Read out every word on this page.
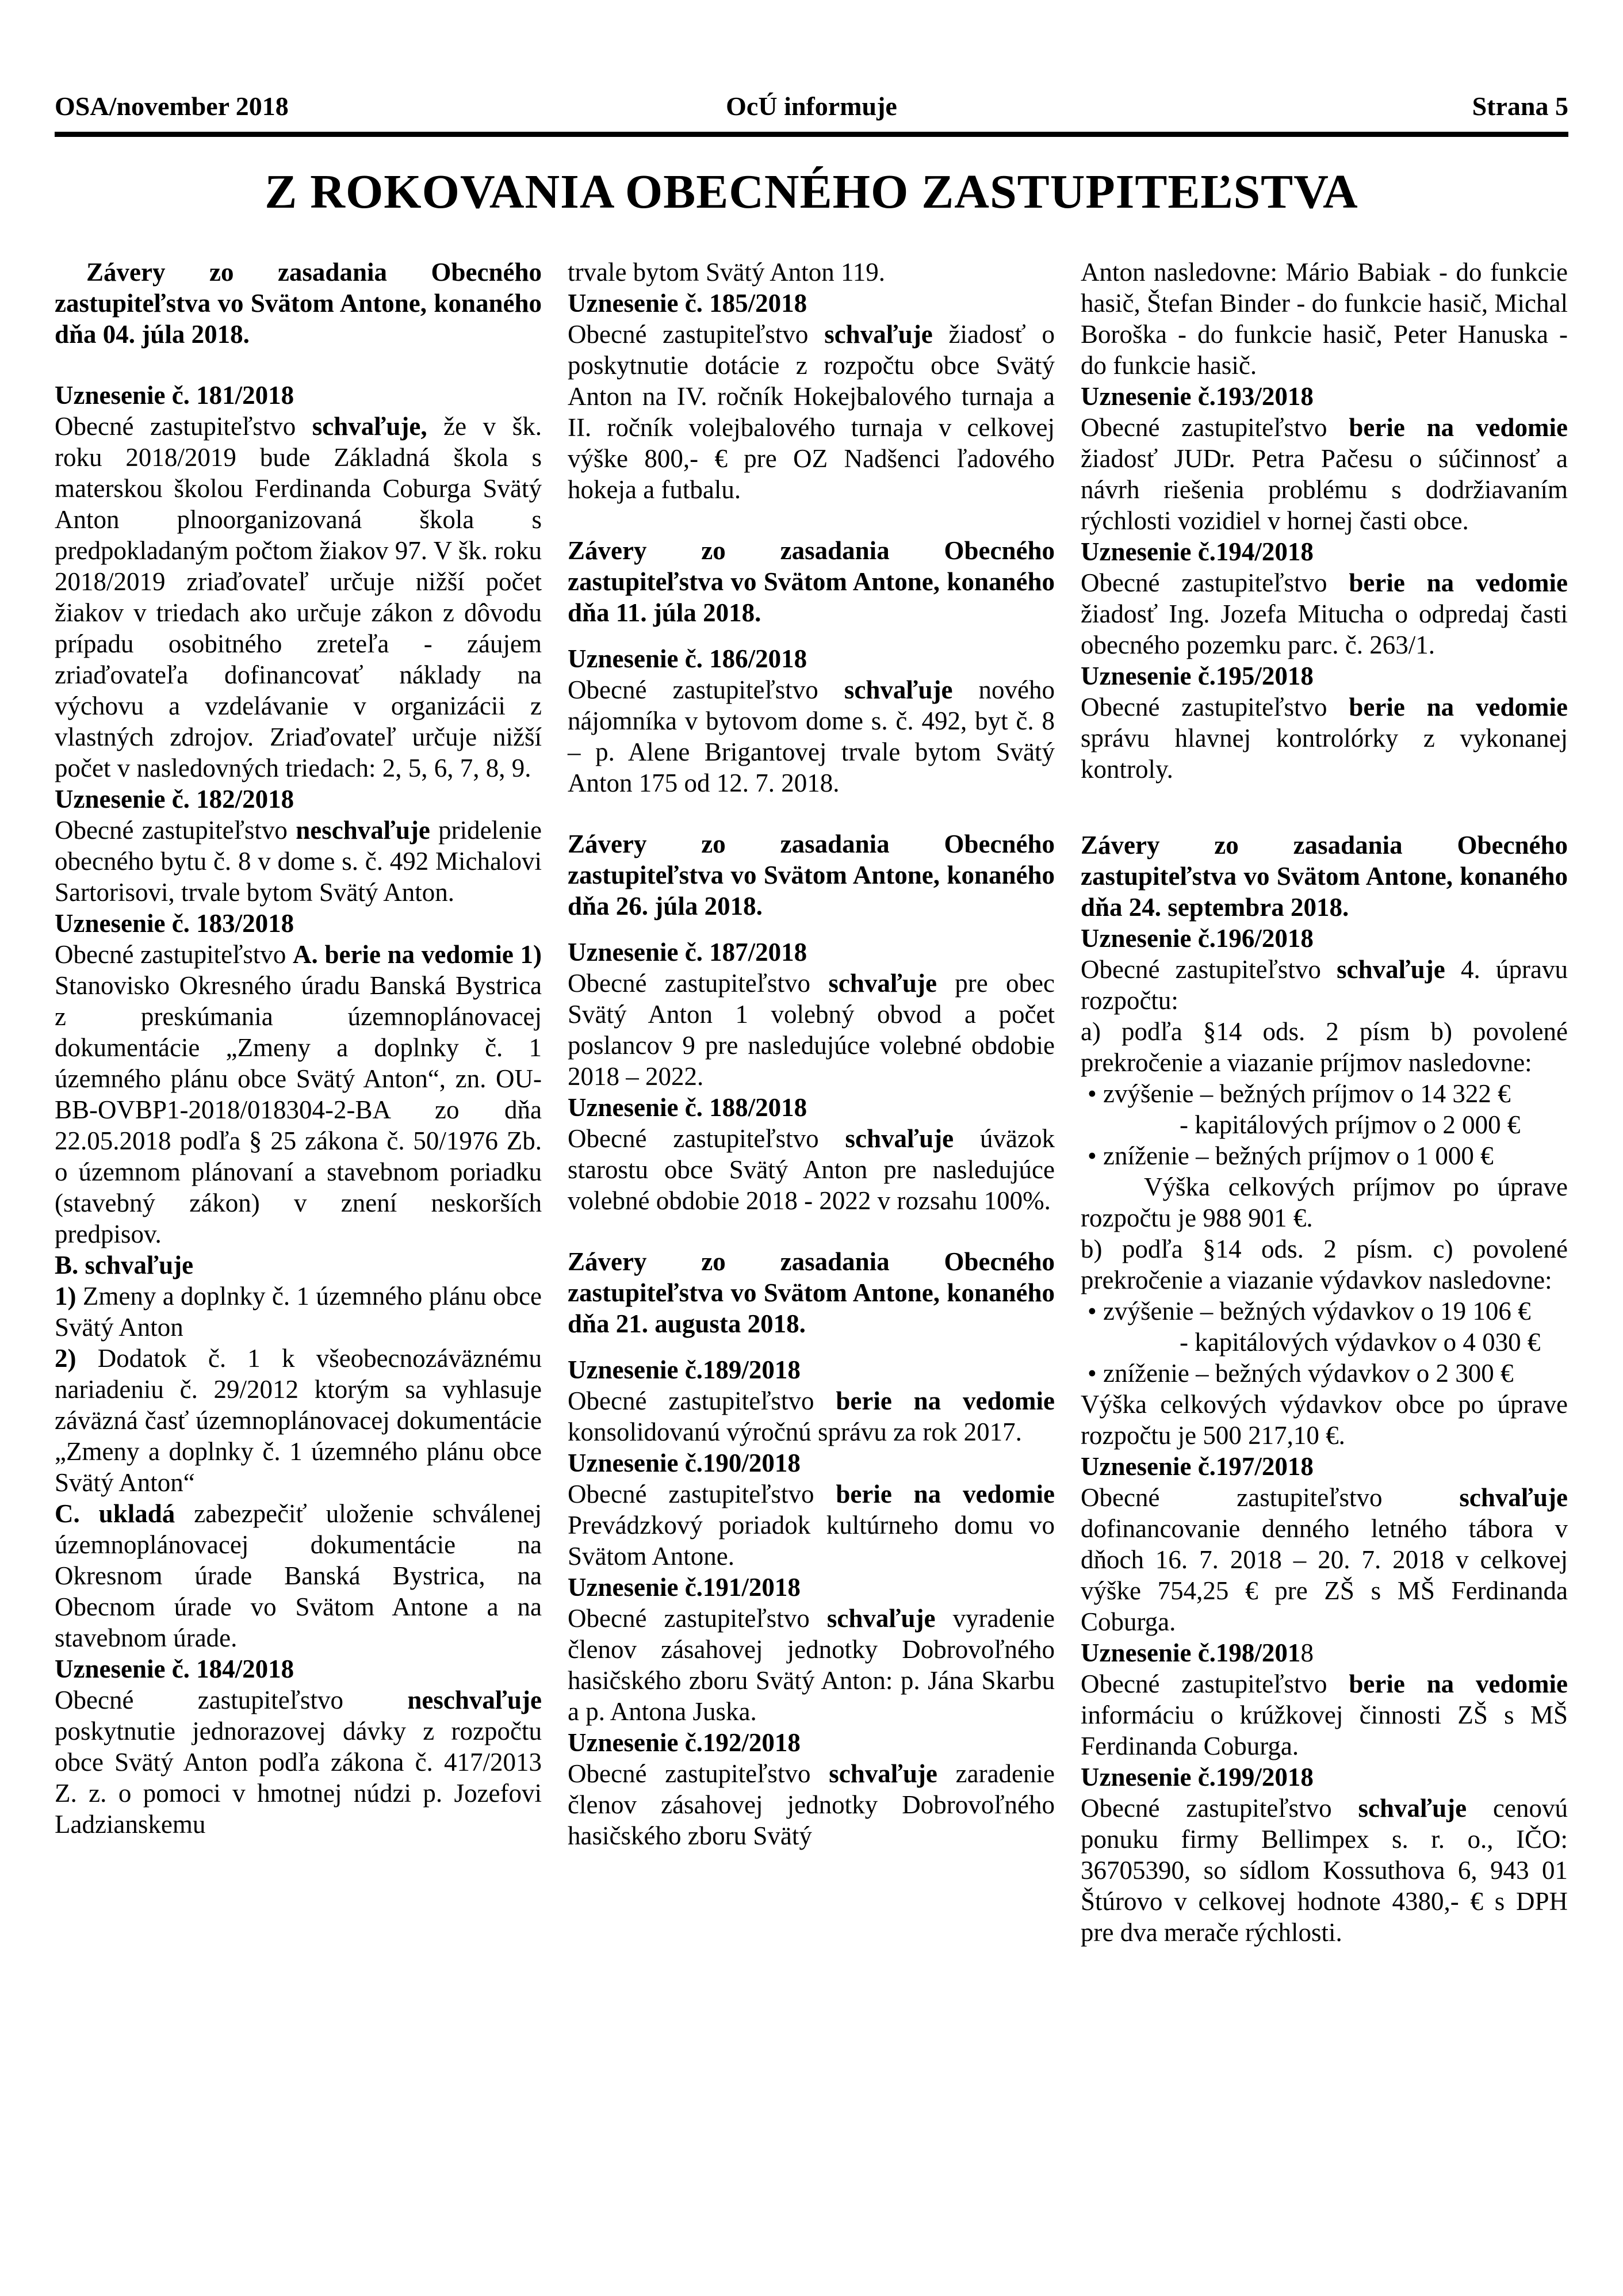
OSA/november 2018	OcÚ informuje	Strana 5
Z ROKOVANIA OBECNÉHO ZASTUPITEĽSTVA
Závery zo zasadania Obecného zastupiteľstva vo Svätom Antone, konaného dňa 04. júla 2018.
Uznesenie č. 181/2018
Obecné zastupiteľstvo schvaľuje, že v šk. roku 2018/2019 bude Základná škola s materskou školou Ferdinanda Coburga Svätý Anton plnoorganizovaná škola s predpokladaným počtom žiakov 97. V šk. roku 2018/2019 zriaďovateľ určuje nižší počet žiakov v triedach ako určuje zákon z dôvodu prípadu osobitného zreteľa - záujem zriaďovateľa dofinancovať náklady na výchovu a vzdelávanie v organizácii z vlastných zdrojov. Zriaďovateľ určuje nižší počet v nasledovných triedach: 2, 5, 6, 7, 8, 9.
Uznesenie č. 182/2018
Obecné zastupiteľstvo neschvaľuje pridelenie obecného bytu č. 8 v dome s. č. 492 Michalovi Sartorisovi, trvale bytom Svätý Anton.
Uznesenie č. 183/2018
Obecné zastupiteľstvo A. berie na vedomie 1) Stanovisko Okresného úradu Banská Bystrica z preskúmania územnoplánovacej dokumentácie „Zmeny a doplnky č. 1 územného plánu obce Svätý Anton“, zn. OU-BB-OVBP1-2018/018304-2-BA zo dňa 22.05.2018 podľa § 25 zákona č. 50/1976 Zb. o územnom plánovaní a stavebnom poriadku (stavebný zákon) v znení neskorších predpisov.
B. schvaľuje
1) Zmeny a doplnky č. 1 územného plánu obce Svätý Anton
2) Dodatok č. 1 k všeobecnozáväznému nariadeniu č. 29/2012 ktorým sa vyhlasuje záväzná časť územnoplánovacej dokumentácie „Zmeny a doplnky č. 1 územného plánu obce Svätý Anton“
C. ukladá zabezpečiť uloženie schválenej územnoplánovacej dokumentácie na Okresnom úrade Banská Bystrica, na Obecnom úrade vo Svätom Antone a na stavebnom úrade.
Uznesenie č. 184/2018
Obecné zastupiteľstvo neschvaľuje poskytnutie jednorazovej dávky z rozpočtu obce Svätý Anton podľa zákona č. 417/2013 Z. z. o pomoci v hmotnej núdzi p. Jozefovi Ladzianskemu
trvale bytom Svätý Anton 119.
Uznesenie č. 185/2018
Obecné zastupiteľstvo schvaľuje žiadosť o poskytnutie dotácie z rozpočtu obce Svätý Anton na IV. ročník Hokejbalového turnaja a II. ročník volejbalového turnaja v celkovej výške 800,- € pre OZ Nadšenci ľadového hokeja a futbalu.
Závery zo zasadania Obecného zastupiteľstva vo Svätom Antone, konaného dňa 11. júla 2018.
Uznesenie č. 186/2018
Obecné zastupiteľstvo schvaľuje nového nájomníka v bytovom dome s. č. 492, byt č. 8 – p. Alene Brigantovej trvale bytom Svätý Anton 175 od 12. 7. 2018.
Závery zo zasadania Obecného zastupiteľstva vo Svätom Antone, konaného dňa 26. júla 2018.
Uznesenie č. 187/2018
Obecné zastupiteľstvo schvaľuje pre obec Svätý Anton 1 volebný obvod a počet poslancov 9 pre nasledujúce volebné obdobie 2018 – 2022.
Uznesenie č. 188/2018
Obecné zastupiteľstvo schvaľuje úväzok starostu obce Svätý Anton pre nasledujúce volebné obdobie 2018 - 2022 v rozsahu 100%.
Závery zo zasadania Obecného zastupiteľstva vo Svätom Antone, konaného dňa 21. augusta 2018.
Uznesenie č.189/2018
Obecné zastupiteľstvo berie na vedomie konsolidovanú výročnú správu za rok 2017.
Uznesenie č.190/2018
Obecné zastupiteľstvo berie na vedomie Prevádzkový poriadok kultúrneho domu vo Svätom Antone.
Uznesenie č.191/2018
Obecné zastupiteľstvo schvaľuje vyradenie členov zásahovej jednotky Dobrovoľného hasičského zboru Svätý Anton: p. Jána Skarbu a p. Antona Juska.
Uznesenie č.192/2018
Obecné zastupiteľstvo schvaľuje zaradenie členov zásahovej jednotky Dobrovoľného hasičského zboru Svätý
Anton nasledovne: Mário Babiak - do funkcie hasič, Štefan Binder - do funkcie hasič, Michal Boroška - do funkcie hasič, Peter Hanuska - do funkcie hasič.
Uznesenie č.193/2018
Obecné zastupiteľstvo berie na vedomie žiadosť JUDr. Petra Pačesu o súčinnosť a návrh riešenia problému s dodržiavaním rýchlosti vozidiel v hornej časti obce.
Uznesenie č.194/2018
Obecné zastupiteľstvo berie na vedomie žiadosť Ing. Jozefa Mitucha o odpredaj časti obecného pozemku parc. č. 263/1.
Uznesenie č.195/2018
Obecné zastupiteľstvo berie na vedomie správu hlavnej kontrolórky z vykonanej kontroly.
Závery zo zasadania Obecného zastupiteľstva vo Svätom Antone, konaného dňa 24. septembra 2018.
Uznesenie č.196/2018
Obecné zastupiteľstvo schvaľuje 4. úpravu rozpočtu:
a) podľa §14 ods. 2 písm b) povolené prekročenie a viazanie príjmov nasledovne:
• zvýšenie – bežných príjmov o 14 322 €
- kapitálových príjmov o 2 000 €
• zníženie – bežných príjmov o 1 000 €
Výška celkových príjmov po úprave rozpočtu je 988 901 €.
b) podľa §14 ods. 2 písm. c) povolené prekročenie a viazanie výdavkov nasledovne:
• zvýšenie – bežných výdavkov o 19 106 €
- kapitálových výdavkov o 4 030 €
• zníženie – bežných výdavkov o 2 300 €
Výška celkových výdavkov obce po úprave rozpočtu je 500 217,10 €.
Uznesenie č.197/2018
Obecné zastupiteľstvo schvaľuje dofinancovanie denného letného tábora v dňoch 16. 7. 2018 – 20. 7. 2018 v celkovej výške 754,25 € pre ZŠ s MŠ Ferdinanda Coburga.
Uznesenie č.198/2018
Obecné zastupiteľstvo berie na vedomie informáciu o krúžkovej činnosti ZŠ s MŠ Ferdinanda Coburga.
Uznesenie č.199/2018
Obecné zastupiteľstvo schvaľuje cenovú ponuku firmy Bellimpex s. r. o., IČO: 36705390, so sídlom Kossuthova 6, 943 01 Štúrovo v celkovej hodnote 4380,- € s DPH pre dva merače rýchlosti.
